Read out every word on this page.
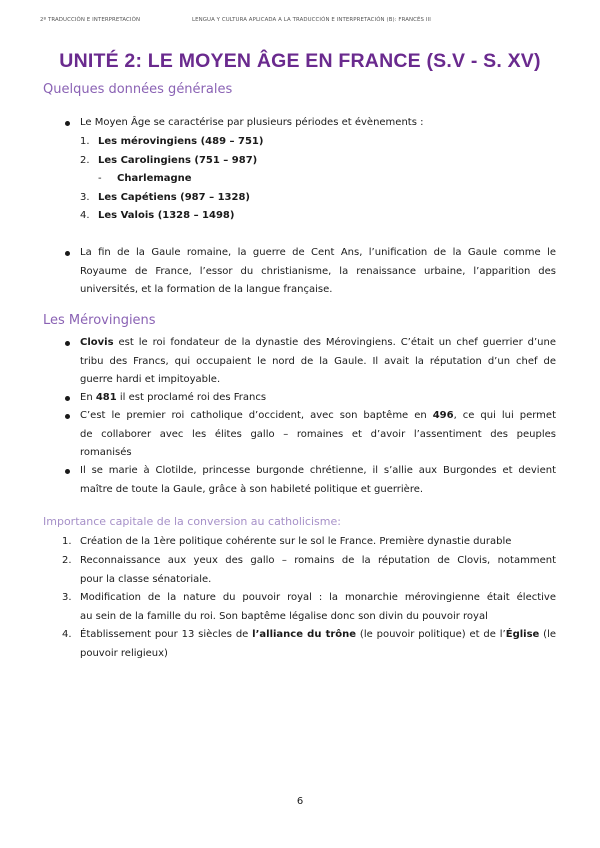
2º TRADUCCIÓN E INTERPRETACIÓN	LENGUA Y CULTURA APLICADA A LA TRADUCCIÓN E INTERPRETACIÓN (B): FRANCÉS III
UNITÉ 2: LE MOYEN ÂGE EN FRANCE (S.V - S. XV)
Quelques données générales
Le Moyen Âge se caractérise par plusieurs périodes et évènements :
1. Les mérovingiens (489 – 751)
2. Les Carolingiens (751 – 987)
- Charlemagne
3. Les Capétiens (987 – 1328)
4. Les Valois (1328 – 1498)
La fin de la Gaule romaine, la guerre de Cent Ans, l’unification de la Gaule comme le
Royaume de France, l’essor du christianisme, la renaissance urbaine, l’apparition des
universités, et la formation de la langue française.
Les Mérovingiens
Clovis est le roi fondateur de la dynastie des Mérovingiens. C’était un chef guerrier d’une
tribu des Francs, qui occupaient le nord de la Gaule. Il avait la réputation d’un chef de
guerre hardi et impitoyable.
En 481 il est proclamé roi des Francs
C’est le premier roi catholique d’occident, avec son baptême en 496, ce qui lui permet
de collaborer avec les élites gallo – romaines et d’avoir l’assentiment des peuples
romanisés
Il se marie à Clotilde, princesse burgonde chrétienne, il s’allie aux Burgondes et devient
maître de toute la Gaule, grâce à son habileté politique et guerrière.
Importance capitale de la conversion au catholicisme:
1. Création de la 1ère politique cohérente sur le sol le France. Première dynastie durable
2. Reconnaissance aux yeux des gallo – romains de la réputation de Clovis, notamment
pour la classe sénatoriale.
3. Modification de la nature du pouvoir royal : la monarchie mérovingienne était élective
au sein de la famille du roi. Son baptême légalise donc son divin du pouvoir royal
4. Établissement pour 13 siècles de l’alliance du trône (le pouvoir politique) et de l’Église (le
pouvoir religieux)
6
